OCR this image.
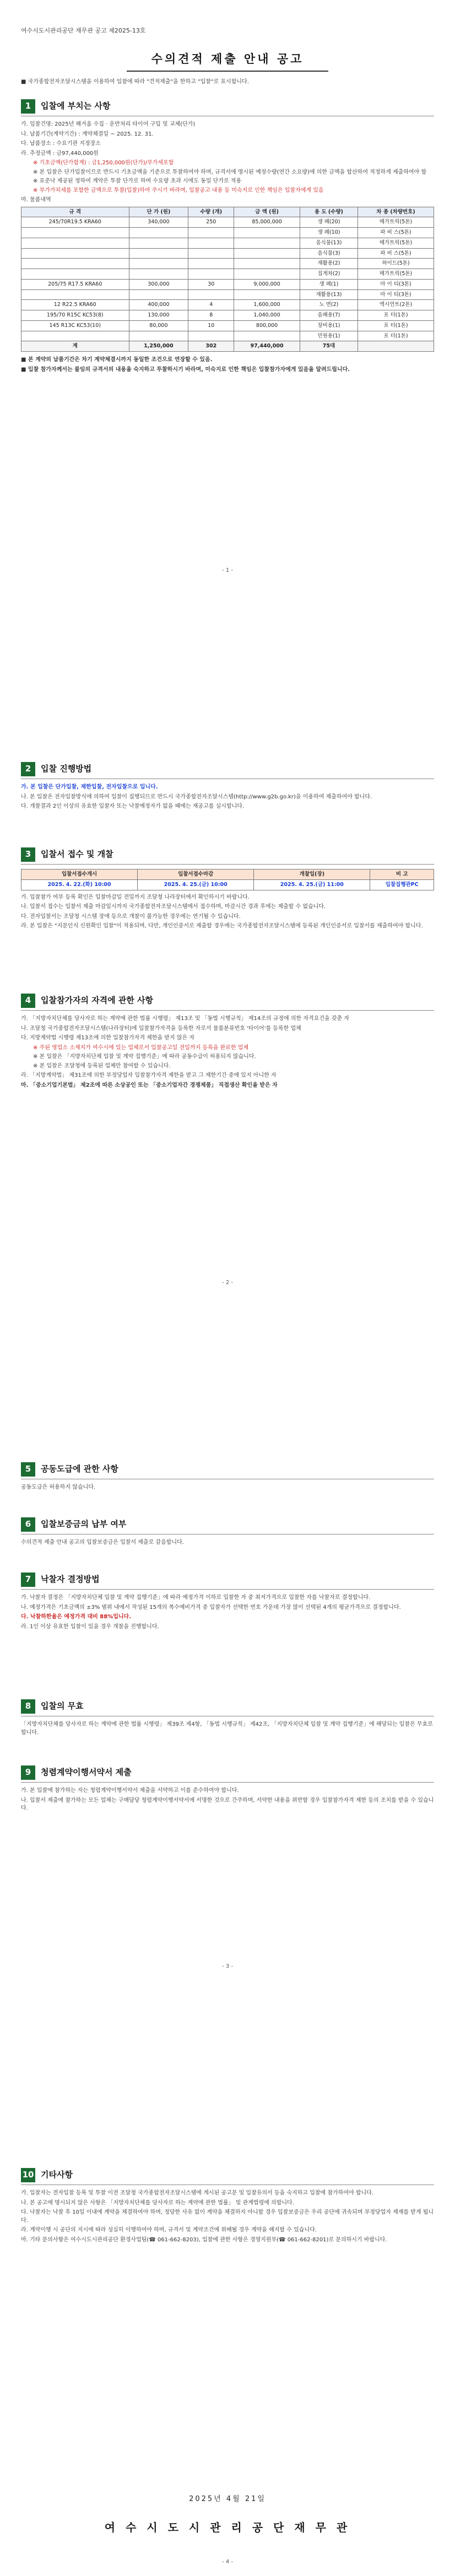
여수시도시관리공단 재무관 공고 제2025-13호
수의견적 제출 안내 공고
■ 국가종합전자조달시스템을 이용하여 입찰에 따라 "견적제출"을 한하고 "입찰"로 표시합니다.
1	입찰에 부치는 사항
가. 입찰건명: 2025년 해거올 수집 · 운반처리 타이어 구입 및 교체(단가)
나. 납품기간(계약기간) : 계약체결일 ~ 2025. 12. 31.
다. 납품장소 : 수요기관 지정장소
라. 추정금액 : 금97,440,000원
※ 기초금액(단가합계) : 금1,250,000원(단가)/부가세포함
※ 본 입찰은 단가입찰이므로 반드시 기초금액을 기준으로 투찰하여야 하며, 규격서에 명시된 예정수량(연간 소요량)에 의한 금액을 합산하여 적정하게 제출하여야 함
※ 표준낙 제공된 정하여 계약은 투찰 단가로 하며 수요량 초과 시에도 동일 단가로 적용
※ 부가가치세를 포함한 금액으로 투찰(입찰)하여 주시기 바라며, 입찰공고 내용 등 미숙지로 인한 책임은 입찰자에게 있음
마. 물품내역
규 격	단 가 (원)	수량 (개)	금 액 (원)	용 도 (수량)	차 종 (차량번호)
245/70R19.5 KRA60	340,000	250	85,000,000	생 폐(20)	메가트럭(5톤)
				생 폐(10)	파 비 스(5톤)
				음식물(13)	메가트럭(5톤)
				음식물(3)	파 비 스(5톤)
				재활용(2)	하이드(5톤)
				집게차(2)	메가트럭(5톤)
205/75 R17.5 KRA60	300,000	30	9,000,000	생 폐(1)	마 이 티(3톤)
				재활용(13)	마 이 티(3톤)
12 R22.5 KRA60	400,000	4	1,600,000	노 면(2)	엑시언트(2톤)
195/70 R15C KC53(8)	130,000	8	1,040,000	음폐용(7)	포 터(1톤)
145 R13C KC53(10)	80,000	10	800,000	장비용(1)	포 터(1톤)
				민원용(1)	포 터(1톤)
계	1,250,000	302	97,440,000	75대	
■ 본 계약의 납품기간은 차기 계약체결시까지 동일한 조건으로 연장할 수 있음.
■ 입찰 참가자께서는 불임의 규격서의 내용을 숙지하고 투찰하시기 바라며, 미숙지로 인한 책임은 입찰참가자에게 있음을 알려드립니다.
- 1 -
2	입찰 진행방법
가. 본 입찰은 단가입찰, 제한입찰, 전자입찰으로 입니다.
나. 본 입찰은 전자입찰방식에 의하여 입찰이 집행되므로 반드시 국가종합전자조달시스템(http://www.g2b.go.kr)을 이용하여 제출하여야 합니다.
다. 개찰결과 2인 이상의 유효한 입찰자 또는 낙찰예정자가 없을 때에는 재공고를 실시합니다.
3	입찰서 접수 및 개찰
입찰서접수개시	입찰서접수마감	개찰일(장)	비 고
2025. 4. 22.(화) 10:00	2025. 4. 25.(금) 10:00	2025. 4. 25.(금) 11:00	입찰집행관PC
가. 입찰참가 여부 등록 확인은 입찰마감일 전일까지 조달청 나라장터에서 확인하시기 바랍니다.
나. 입찰서 접수는 입찰서 제출 마감일시까지 국가종합전자조달시스템에서 접수하며, 마감시간 경과 후에는 제출할 수 없습니다.
다. 전자입찰서는 조달청 시스템 장애 등으로 개찰이 불가능한 경우에는 연기될 수 있습니다.
라. 본 입찰은 "지문인식 신원확인 입찰"이 적용되며, 다만, 개인인증서로 제출할 경우에는 국가종합전자조달시스템에 등록된 개인인증서로 입찰서를 제출하여야 합니다.
4	입찰참가자의 자격에 관한 사항
가. 「지방자치단체를 당사자로 하는 계약에 관한 법률 시행령」 제13조 및 「동법 시행규칙」 제14조의 규정에 의한 자격요건을 갖춘 자
나. 조달청 국가종합전자조달시스템(나라장터)에 입찰참가자격을 등록한 자로서 물품분류번호 '타이어'를 등록한 업체
다. 지방계약법 시행령 제13조에 의한 입찰참가자격 제한을 받지 않은 자
※ 주된 영업소 소재지가 여수시에 있는 업체로서 입찰공고일 전일까지 등록을 완료한 업체
※ 본 입찰은 「지방자치단체 입찰 및 계약 집행기준」에 따라 공동수급이 허용되지 않습니다.
※ 본 입찰은 조달청에 등록된 업체만 참여할 수 있습니다.
라. 「지방계약법」 제31조에 의한 부정당업자 입찰참가자격 제한을 받고 그 제한기간 중에 있지 아니한 자
마. 「중소기업기본법」 제2조에 따른 소상공인 또는 「중소기업자간 경쟁제품」 직접생산 확인을 받은 자
- 2 -
5	공동도급에 관한 사항
공동도급은 허용하지 않습니다.
6	입찰보증금의 납부 여부
수의견적 제출 안내 공고의 입찰보증금은 입찰서 제출로 갈음합니다.
7	낙찰자 결정방법
가. 낙찰자 결정은 「지방자치단체 입찰 및 계약 집행기준」에 따라 예정가격 이하로 입찰한 자 중 최저가격으로 입찰한 자를 낙찰자로 결정합니다.
나. 예정가격은 기초금액의 ±3% 범위 내에서 작성된 15개의 복수예비가격 중 입찰자가 선택한 번호 가운데 가장 많이 선택된 4개의 평균가격으로 결정합니다.
다. 낙찰하한율은 예정가격 대비 88%입니다.
라. 1인 이상 유효한 입찰이 있을 경우 개찰을 진행합니다.
8	입찰의 무효
「지방자치단체를 당사자로 하는 계약에 관한 법률 시행령」 제39조 제4항, 「동법 시행규칙」 제42조, 「지방자치단체 입찰 및 계약 집행기준」에 해당되는 입찰은 무효로 합니다.
9	청렴계약이행서약서 제출
가. 본 입찰에 참가하는 자는 청렴계약이행서약서 제출을 서약하고 이를 준수하여야 합니다.
나. 입찰서 제출에 참가하는 모든 업체는 구매담당 청렴계약이행서약서에 서명한 것으로 간주하며, 서약한 내용을 위반할 경우 입찰참가자격 제한 등의 조치를 받을 수 있습니다.
- 3 -
10 기타사항
가. 입찰자는 전자입찰 등록 및 투찰 이전 조달청 국가종합전자조달시스템에 게시된 공고문 및 입찰유의서 등을 숙지하고 입찰에 참가하여야 합니다.
나. 본 공고에 명시되지 않은 사항은 「지방자치단체를 당사자로 하는 계약에 관한 법률」 및 관계법령에 의합니다.
다. 낙찰자는 낙찰 후 10일 이내에 계약을 체결하여야 하며, 정당한 사유 없이 계약을 체결하지 아니할 경우 입찰보증금은 우리 공단에 귀속되며 부정당업자 제재를 받게 됩니다.
라. 계약이행 시 공단의 지시에 따라 성실히 이행하여야 하며, 규격서 및 계약조건에 위배될 경우 계약을 해지할 수 있습니다.
마. 기타 문의사항은 여수시도시관리공단 환경사업팀(☎ 061-662-8203), 입찰에 관한 사항은 경영지원부(☎ 061-662-8201)로 문의하시기 바랍니다.
2025년 4월 21일
여 수 시 도 시 관 리 공 단 재 무 관
- 4 -
